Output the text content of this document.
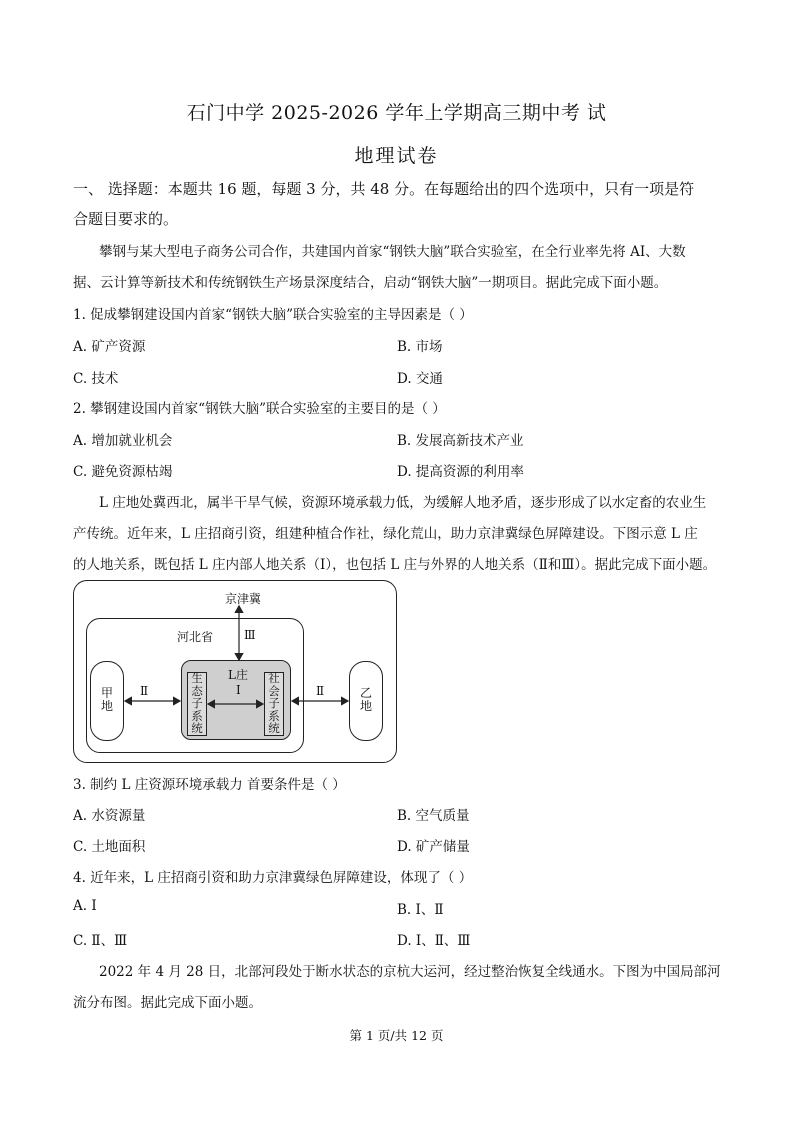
石门中学 2025-2026 学年上学期高三期中考 试
地理试卷
一、 选择题：本题共 16 题，每题 3 分，共 48 分。在每题给出的四个选项中，只有一项是符
合题目要求的。
攀钢与某大型电子商务公司合作，共建国内首家“钢铁大脑”联合实验室，在全行业率先将 AI、大数
据、云计算等新技术和传统钢铁生产场景深度结合，启动“钢铁大脑”一期项目。据此完成下面小题。
1. 促成攀钢建设国内首家“钢铁大脑”联合实验室的主导因素是（ ）
A. 矿产资源	B. 市场
C. 技术	D. 交通
2. 攀钢建设国内首家“钢铁大脑”联合实验室的主要目的是（ ）
A. 增加就业机会	B. 发展高新技术产业
C. 避免资源枯竭	D. 提高资源的利用率
L 庄地处冀西北，属半干旱气候，资源环境承载力低，为缓解人地矛盾，逐步形成了以水定畜的农业生
产传统。近年来，L 庄招商引资，组建种植合作社，绿化荒山，助力京津冀绿色屏障建设。下图示意 L 庄
的人地关系，既包括 L 庄内部人地关系（Ⅰ），也包括 L 庄与外界的人地关系（Ⅱ和Ⅲ）。据此完成下面小题。
京津冀
河北省
L庄
Ⅰ
Ⅱ	Ⅱ
Ⅲ
甲地
乙地
生态子系统
社会子系统
3. 制约 L 庄资源环境承载力 首要条件是（ ）
A. 水资源量	B. 空气质量
C. 土地面积	D. 矿产储量
4. 近年来，L 庄招商引资和助力京津冀绿色屏障建设，体现了（ ）
A. Ⅰ	B. Ⅰ、Ⅱ
C. Ⅱ、Ⅲ	D. Ⅰ、Ⅱ、Ⅲ
2022 年 4 月 28 日，北部河段处于断水状态的京杭大运河，经过整治恢复全线通水。下图为中国局部河
流分布图。据此完成下面小题。
第 1 页/共 12 页
